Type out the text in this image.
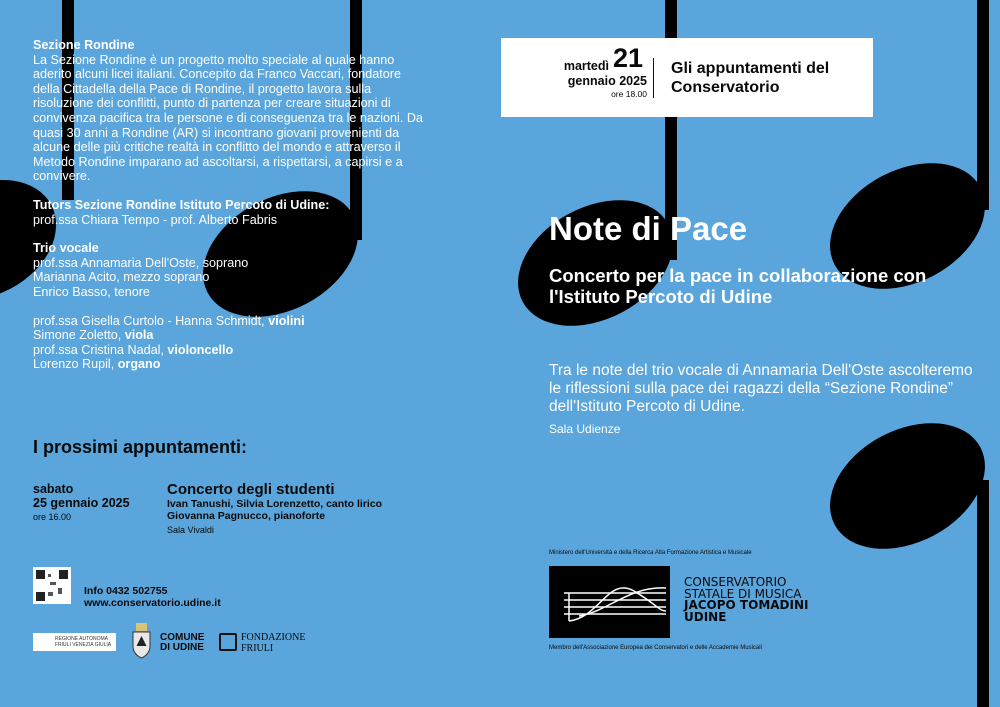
Sezione Rondine
La Sezione Rondine è un progetto molto speciale al quale hanno aderito alcuni licei italiani. Concepito da Franco Vaccari, fondatore della Cittadella della Pace di Rondine, il progetto lavora sulla risoluzione dei conflitti, punto di partenza per creare situazioni di convivenza pacifica tra le persone e di conseguenza tra le nazioni. Da quasi 30 anni a Rondine (AR) si incontrano giovani provenienti da alcune delle più critiche realtà in conflitto del mondo e attraverso il Metodo Rondine imparano ad ascoltarsi, a rispettarsi, a capirsi e a convivere.
Tutors Sezione Rondine Istituto Percoto di Udine:
prof.ssa Chiara Tempo - prof. Alberto Fabris
Trio vocale
prof.ssa Annamaria Dell'Oste, soprano
Marianna Acito, mezzo soprano
Enrico Basso, tenore
prof.ssa Gisella Curtolo - Hanna Schmidt, violini
Simone Zoletto, viola
prof.ssa Cristina Nadal, violoncello
Lorenzo Rupil, organo
I prossimi appuntamenti:
sabato
25 gennaio 2025
ore 16.00
Concerto degli studenti
Ivan Tanushi, Silvia Lorenzetto, canto lirico
Giovanna Pagnucco, pianoforte
Sala Vivaldi
Info 0432 502755
www.conservatorio.udine.it
REGIONE AUTONOMA FRIULI VENEZIA GIULIA
COMUNE DI UDINE
FONDAZIONE FRIULI
martedì 21
gennaio 2025
ore 18.00
Gli appuntamenti del Conservatorio
Note di Pace
Concerto per la pace in collaborazione con l'Istituto Percoto di Udine
Tra le note del trio vocale di Annamaria Dell'Oste ascolteremo le riflessioni sulla pace dei ragazzi della “Sezione Rondine” dell'Istituto Percoto di Udine.
Sala Udienze
Ministero dell'Università e della Ricerca Alta Formazione Artistica e Musicale
CONSERVATORIO
STATALE DI MUSICA
JACOPO TOMADINI
UDINE
Membro dell'Associazione Europea dei Conservatori e delle Accademie Musicali
